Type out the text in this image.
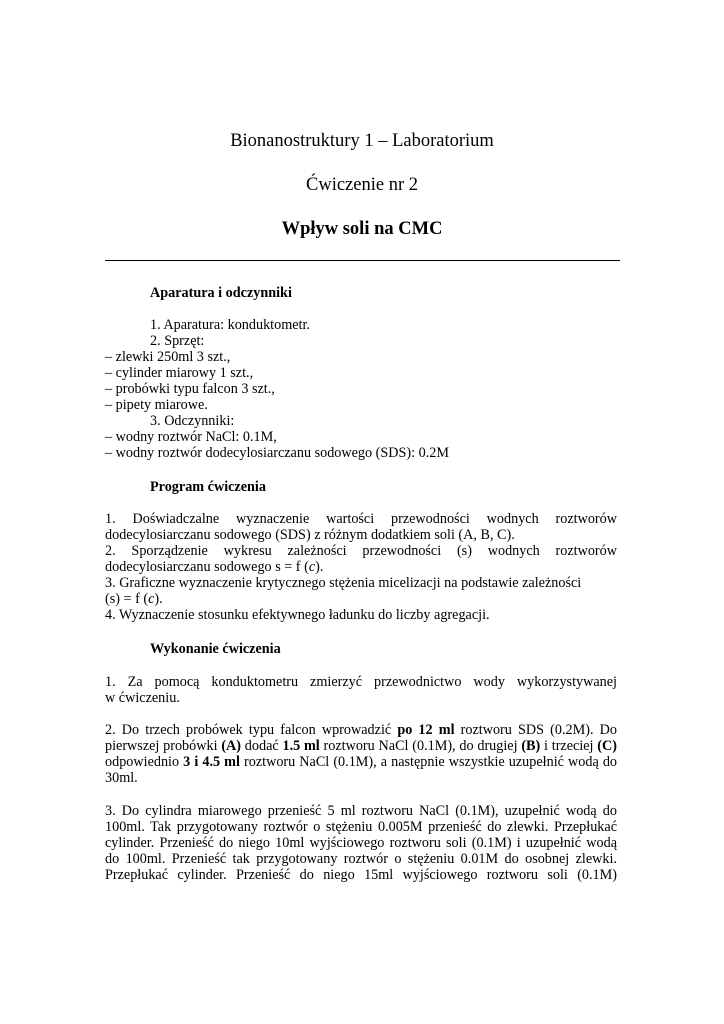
Bionanostruktury 1 – Laboratorium
Ćwiczenie nr 2
Wpływ soli na CMC
Aparatura i odczynniki
1. Aparatura: konduktometr.
2. Sprzęt:
– zlewki 250ml 3 szt.,
– cylinder miarowy 1 szt.,
– probówki typu falcon 3 szt.,
– pipety miarowe.
3. Odczynniki:
– wodny roztwór NaCl: 0.1M,
– wodny roztwór dodecylosiarczanu sodowego (SDS): 0.2M
Program ćwiczenia
1. Doświadczalne wyznaczenie wartości przewodności wodnych roztworów
dodecylosiarczanu sodowego (SDS) z różnym dodatkiem soli (A, B, C).
2. Sporządzenie wykresu zależności przewodności (s) wodnych roztworów
dodecylosiarczanu sodowego s = f (c).
3. Graficzne wyznaczenie krytycznego stężenia micelizacji na podstawie zależności
(s) = f (c).
4. Wyznaczenie stosunku efektywnego ładunku do liczby agregacji.
Wykonanie ćwiczenia
1. Za pomocą konduktometru zmierzyć przewodnictwo wody wykorzystywanej
w ćwiczeniu.
2. Do trzech probówek typu falcon wprowadzić po 12 ml roztworu SDS (0.2M). Do
pierwszej probówki (A) dodać 1.5 ml roztworu NaCl (0.1M), do drugiej (B) i trzeciej (C)
odpowiednio 3 i 4.5 ml roztworu NaCl (0.1M), a następnie wszystkie uzupełnić wodą do
30ml.
3. Do cylindra miarowego przenieść 5 ml roztworu NaCl (0.1M), uzupełnić wodą do
100ml. Tak przygotowany roztwór o stężeniu 0.005M przenieść do zlewki. Przepłukać
cylinder. Przenieść do niego 10ml wyjściowego roztworu soli (0.1M) i uzupełnić wodą
do 100ml. Przenieść tak przygotowany roztwór o stężeniu 0.01M do osobnej zlewki.
Przepłukać cylinder. Przenieść do niego 15ml wyjściowego roztworu soli (0.1M)
